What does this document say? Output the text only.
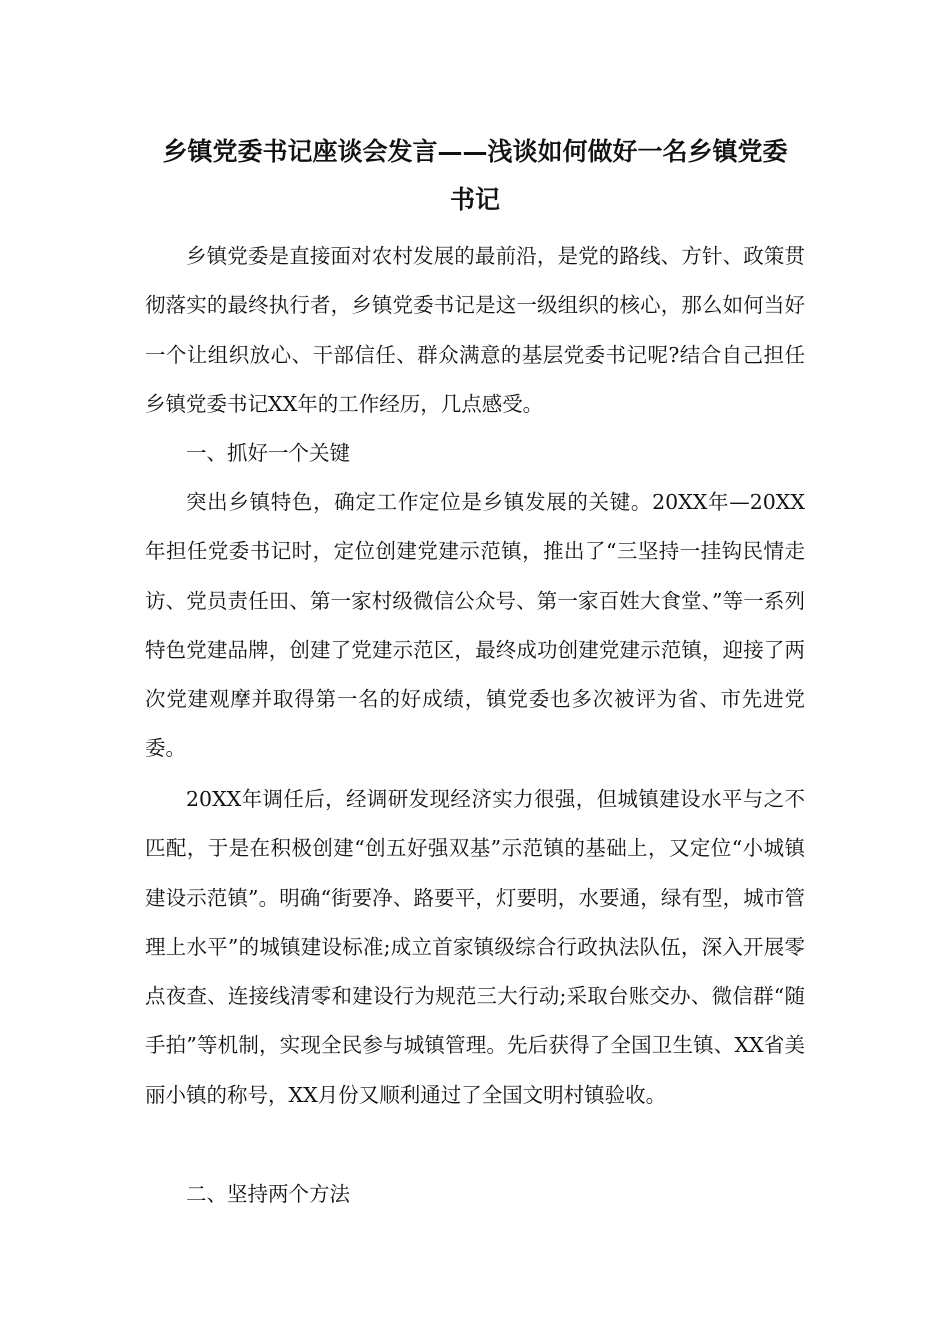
乡镇党委书记座谈会发言——浅谈如何做好一名乡镇党委
书记
乡镇党委是直接面对农村发展的最前沿，是党的路线、方针、政策贯彻落实的最终执行者，乡镇党委书记是这一级组织的核心，那么如何当好一个让组织放心、干部信任、群众满意的基层党委书记呢?结合自己担任乡镇党委书记XX年的工作经历，几点感受。
一、抓好一个关键
突出乡镇特色，确定工作定位是乡镇发展的关键。20XX年—20XX年担任党委书记时，定位创建党建示范镇，推出了“三坚持一挂钩民情走访、党员责任田、第一家村级微信公众号、第一家百姓大食堂、”等一系列特色党建品牌，创建了党建示范区，最终成功创建党建示范镇，迎接了两次党建观摩并取得第一名的好成绩，镇党委也多次被评为省、市先进党委。
20XX年调任后，经调研发现经济实力很强，但城镇建设水平与之不匹配，于是在积极创建“创五好强双基”示范镇的基础上，又定位“小城镇建设示范镇”。明确“街要净、路要平，灯要明，水要通，绿有型，城市管理上水平”的城镇建设标准;成立首家镇级综合行政执法队伍，深入开展零点夜查、连接线清零和建设行为规范三大行动;采取台账交办、微信群“随手拍”等机制，实现全民参与城镇管理。先后获得了全国卫生镇、XX省美丽小镇的称号，XX月份又顺利通过了全国文明村镇验收。
二、坚持两个方法
